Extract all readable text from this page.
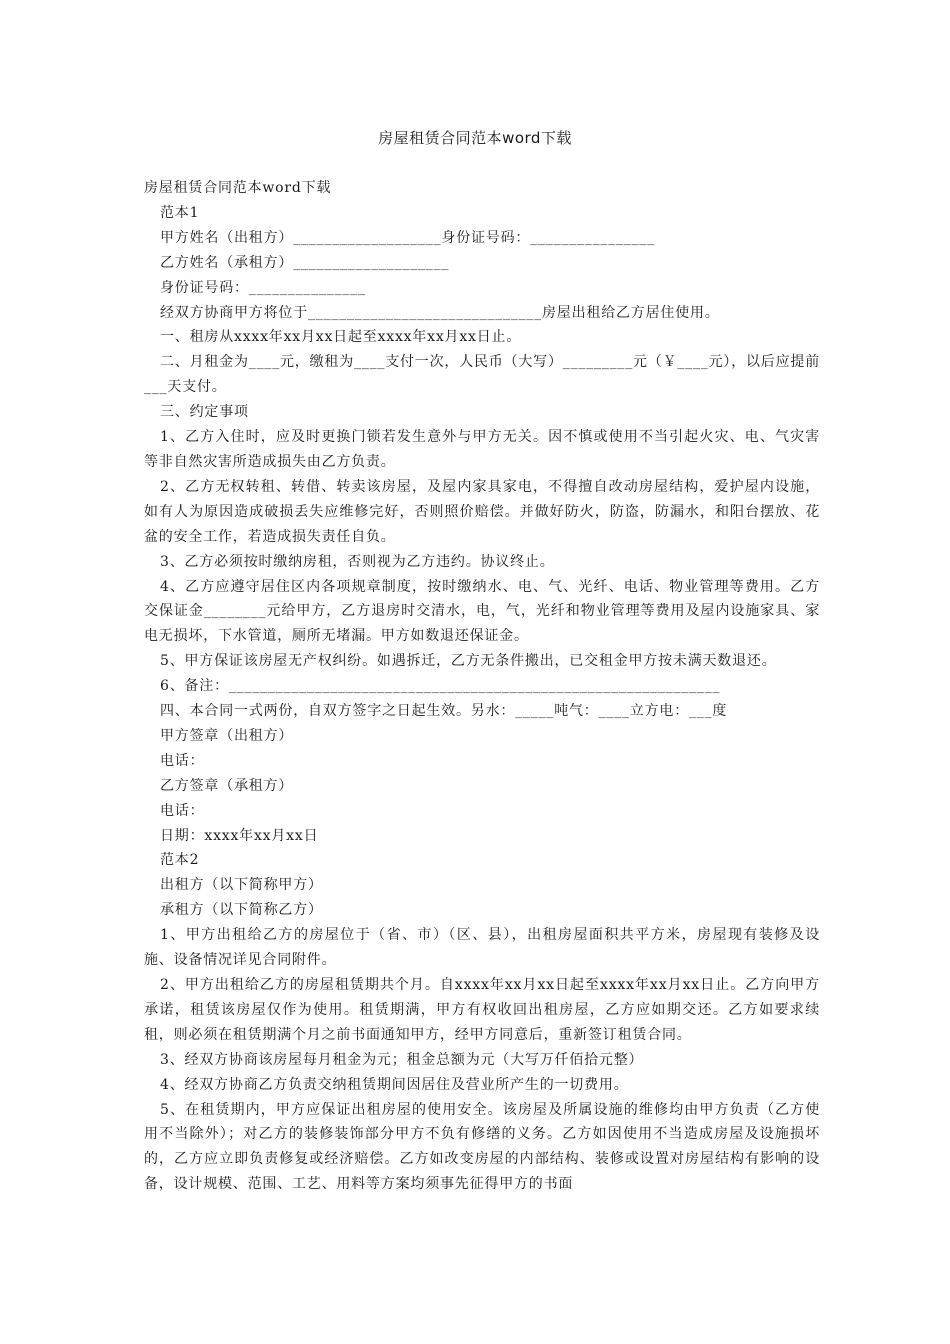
房屋租赁合同范本word下载

房屋租赁合同范本word下载

范本1

甲方姓名（出租方）___________________身份证号码：________________

乙方姓名（承租方）____________________

身份证号码：_______________

经双方协商甲方将位于______________________________房屋出租给乙方居住使用。

一、租房从xxxx年xx月xx日起至xxxx年xx月xx日止。

二、月租金为____元，缴租为____支付一次，人民币（大写）_________元（￥____元），以后应提前___天支付。

三、约定事项

1、乙方入住时，应及时更换门锁若发生意外与甲方无关。因不慎或使用不当引起火灾、电、气灾害等非自然灾害所造成损失由乙方负责。

2、乙方无权转租、转借、转卖该房屋，及屋内家具家电，不得擅自改动房屋结构，爱护屋内设施，如有人为原因造成破损丢失应维修完好，否则照价赔偿。并做好防火，防盗，防漏水，和阳台摆放、花盆的安全工作，若造成损失责任自负。

3、乙方必须按时缴纳房租，否则视为乙方违约。协议终止。

4、乙方应遵守居住区内各项规章制度，按时缴纳水、电、气、光纤、电话、物业管理等费用。乙方交保证金________元给甲方，乙方退房时交清水，电，气，光纤和物业管理等费用及屋内设施家具、家电无损坏，下水管道，厕所无堵漏。甲方如数退还保证金。

5、甲方保证该房屋无产权纠纷。如遇拆迁，乙方无条件搬出，已交租金甲方按未满天数退还。

6、备注：_______________________________________________________________

四、本合同一式两份，自双方签字之日起生效。另水：_____吨气：____立方电：___度

甲方签章（出租方）

电话：

乙方签章（承租方）

电话：

日期：xxxx年xx月xx日

范本2

出租方（以下简称甲方）

承租方（以下简称乙方）

1、甲方出租给乙方的房屋位于（省、市）（区、县），出租房屋面积共平方米，房屋现有装修及设施、设备情况详见合同附件。

2、甲方出租给乙方的房屋租赁期共个月。自xxxx年xx月xx日起至xxxx年xx月xx日止。乙方向甲方承诺，租赁该房屋仅作为使用。租赁期满，甲方有权收回出租房屋，乙方应如期交还。乙方如要求续租，则必须在租赁期满个月之前书面通知甲方，经甲方同意后，重新签订租赁合同。

3、经双方协商该房屋每月租金为元；租金总额为元（大写万仟佰拾元整）

4、经双方协商乙方负责交纳租赁期间因居住及营业所产生的一切费用。

5、在租赁期内，甲方应保证出租房屋的使用安全。该房屋及所属设施的维修均由甲方负责（乙方使用不当除外）；对乙方的装修装饰部分甲方不负有修缮的义务。乙方如因使用不当造成房屋及设施损坏的，乙方应立即负责修复或经济赔偿。乙方如改变房屋的内部结构、装修或设置对房屋结构有影响的设备，设计规模、范围、工艺、用料等方案均须事先征得甲方的书面
